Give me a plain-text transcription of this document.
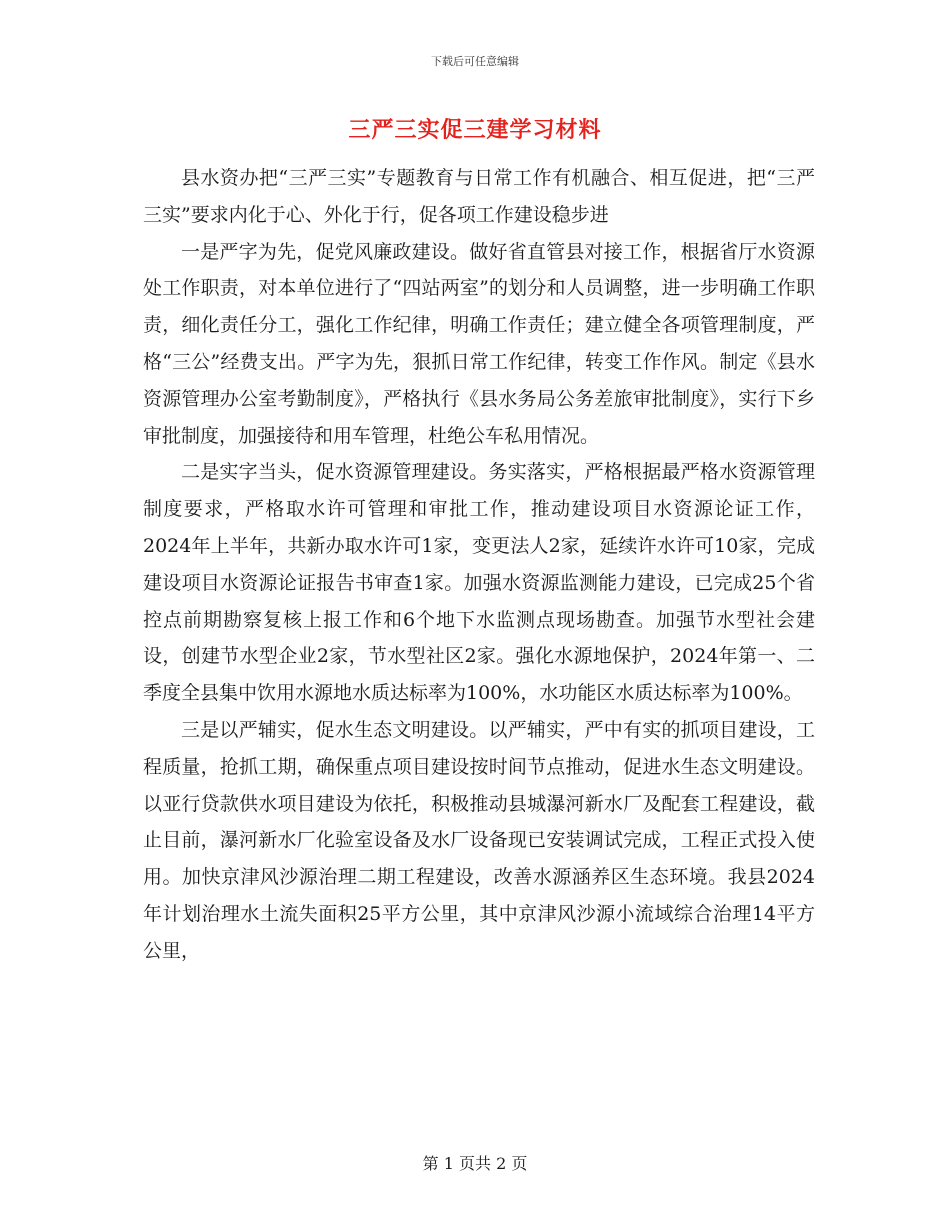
下载后可任意编辑
三严三实促三建学习材料

县水资办把“三严三实”专题教育与日常工作有机融合、相互促进，把“三严三实”要求内化于心、外化于行，促各项工作建设稳步进

一是严字为先，促党风廉政建设。做好省直管县对接工作，根据省厅水资源处工作职责，对本单位进行了“四站两室”的划分和人员调整，进一步明确工作职责，细化责任分工，强化工作纪律，明确工作责任；建立健全各项管理制度，严格“三公”经费支出。严字为先，狠抓日常工作纪律，转变工作作风。制定《县水资源管理办公室考勤制度》，严格执行《县水务局公务差旅审批制度》，实行下乡审批制度，加强接待和用车管理，杜绝公车私用情况。

二是实字当头，促水资源管理建设。务实落实，严格根据最严格水资源管理制度要求，严格取水许可管理和审批工作，推动建设项目水资源论证工作，2024年上半年，共新办取水许可1家，变更法人2家，延续许水许可10家，完成建设项目水资源论证报告书审查1家。加强水资源监测能力建设，已完成25个省控点前期勘察复核上报工作和6个地下水监测点现场勘查。加强节水型社会建设，创建节水型企业2家，节水型社区2家。强化水源地保护，2024年第一、二季度全县集中饮用水源地水质达标率为100%，水功能区水质达标率为100%。

三是以严辅实，促水生态文明建设。以严辅实，严中有实的抓项目建设，工程质量，抢抓工期，确保重点项目建设按时间节点推动，促进水生态文明建设。以亚行贷款供水项目建设为依托，积极推动县城瀑河新水厂及配套工程建设，截止目前，瀑河新水厂化验室设备及水厂设备现已安装调试完成，工程正式投入使用。加快京津风沙源治理二期工程建设，改善水源涵养区生态环境。我县2024年计划治理水土流失面积25平方公里，其中京津风沙源小流域综合治理14平方公里，

第 1 页共 2 页
